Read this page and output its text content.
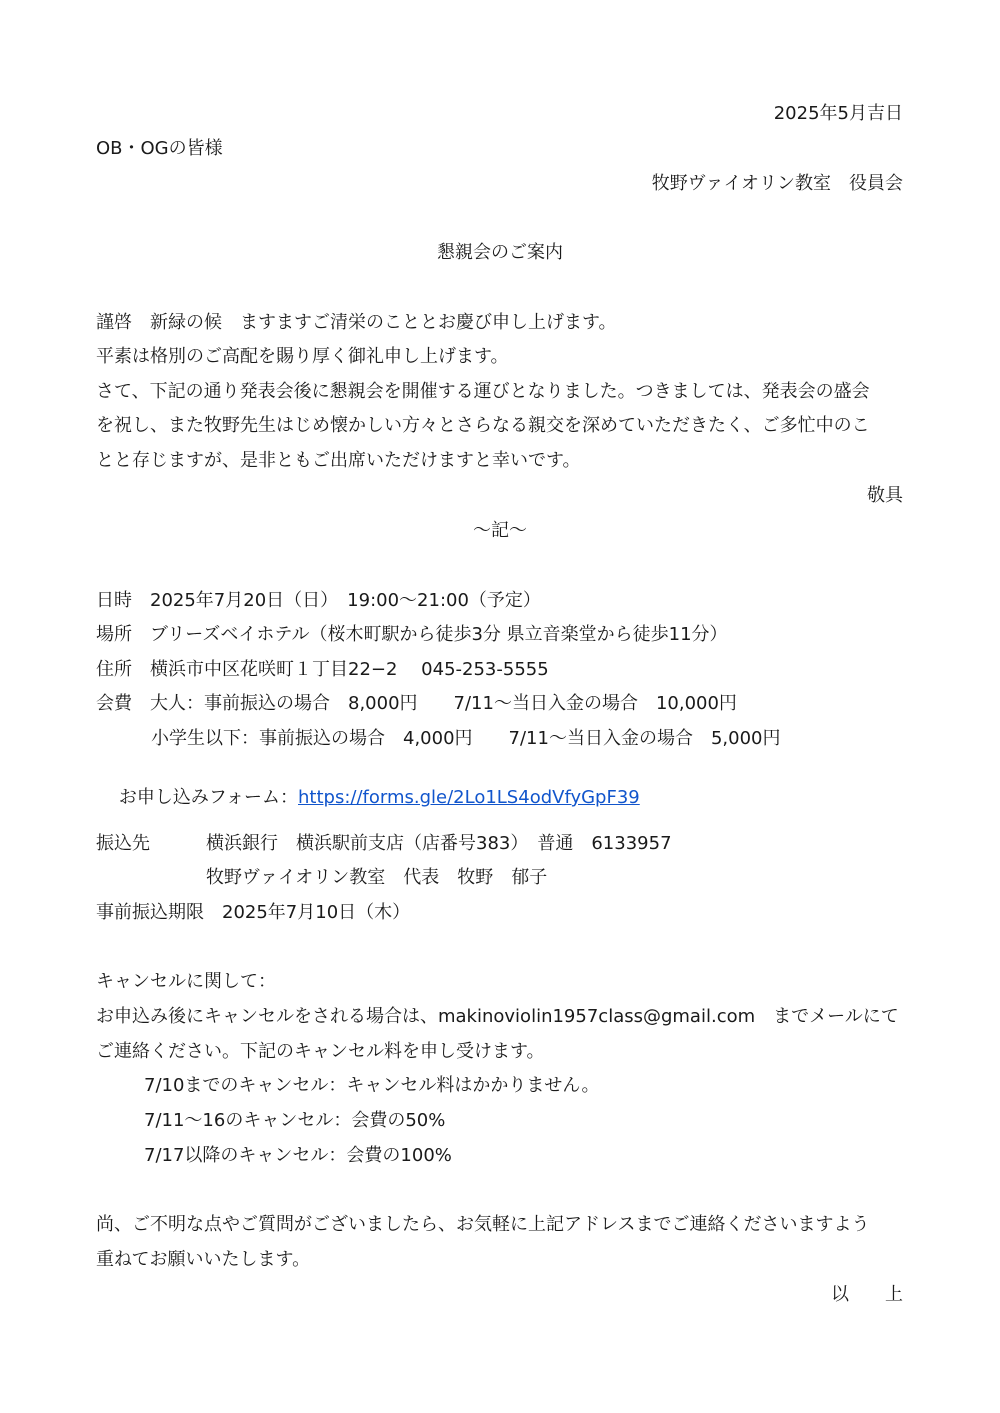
2025年5月吉日
OB・OGの皆様
牧野ヴァイオリン教室　役員会
懇親会のご案内
謹啓　新緑の候　ますますご清栄のこととお慶び申し上げます。
平素は格別のご高配を賜り厚く御礼申し上げます。
さて、下記の通り発表会後に懇親会を開催する運びとなりました。つきましては、発表会の盛会
を祝し、また牧野先生はじめ懐かしい方々とさらなる親交を深めていただきたく、ご多忙中のこ
とと存じますが、是非ともご出席いただけますと幸いです。
敬具
～記～
日時　2025年7月20日（日）　19:00～21:00（予定）
場所　ブリーズベイホテル（桜木町駅から徒歩3分 県立音楽堂から徒歩11分）
住所　横浜市中区花咲町１丁目22−2　 045-253-5555
会費　大人：事前振込の場合　8,000円　　7/11～当日入金の場合　10,000円
小学生以下：事前振込の場合　4,000円　　7/11～当日入金の場合　5,000円

お申し込みフォーム：https://forms.gle/2Lo1LS4odVfyGpF39

振込先	横浜銀行　横浜駅前支店（店番号383）　普通　6133957
牧野ヴァイオリン教室　代表　牧野　郁子
事前振込期限　2025年7月10日（木）
キャンセルに関して：
お申込み後にキャンセルをされる場合は、makinoviolin1957class@gmail.com　までメールにて
ご連絡ください。下記のキャンセル料を申し受けます。
7/10までのキャンセル：キャンセル料はかかりません。
7/11～16のキャンセル：会費の50%
7/17以降のキャンセル：会費の100%
尚、ご不明な点やご質問がございましたら、お気軽に上記アドレスまでご連絡くださいますよう
重ねてお願いいたします。
以　　上
